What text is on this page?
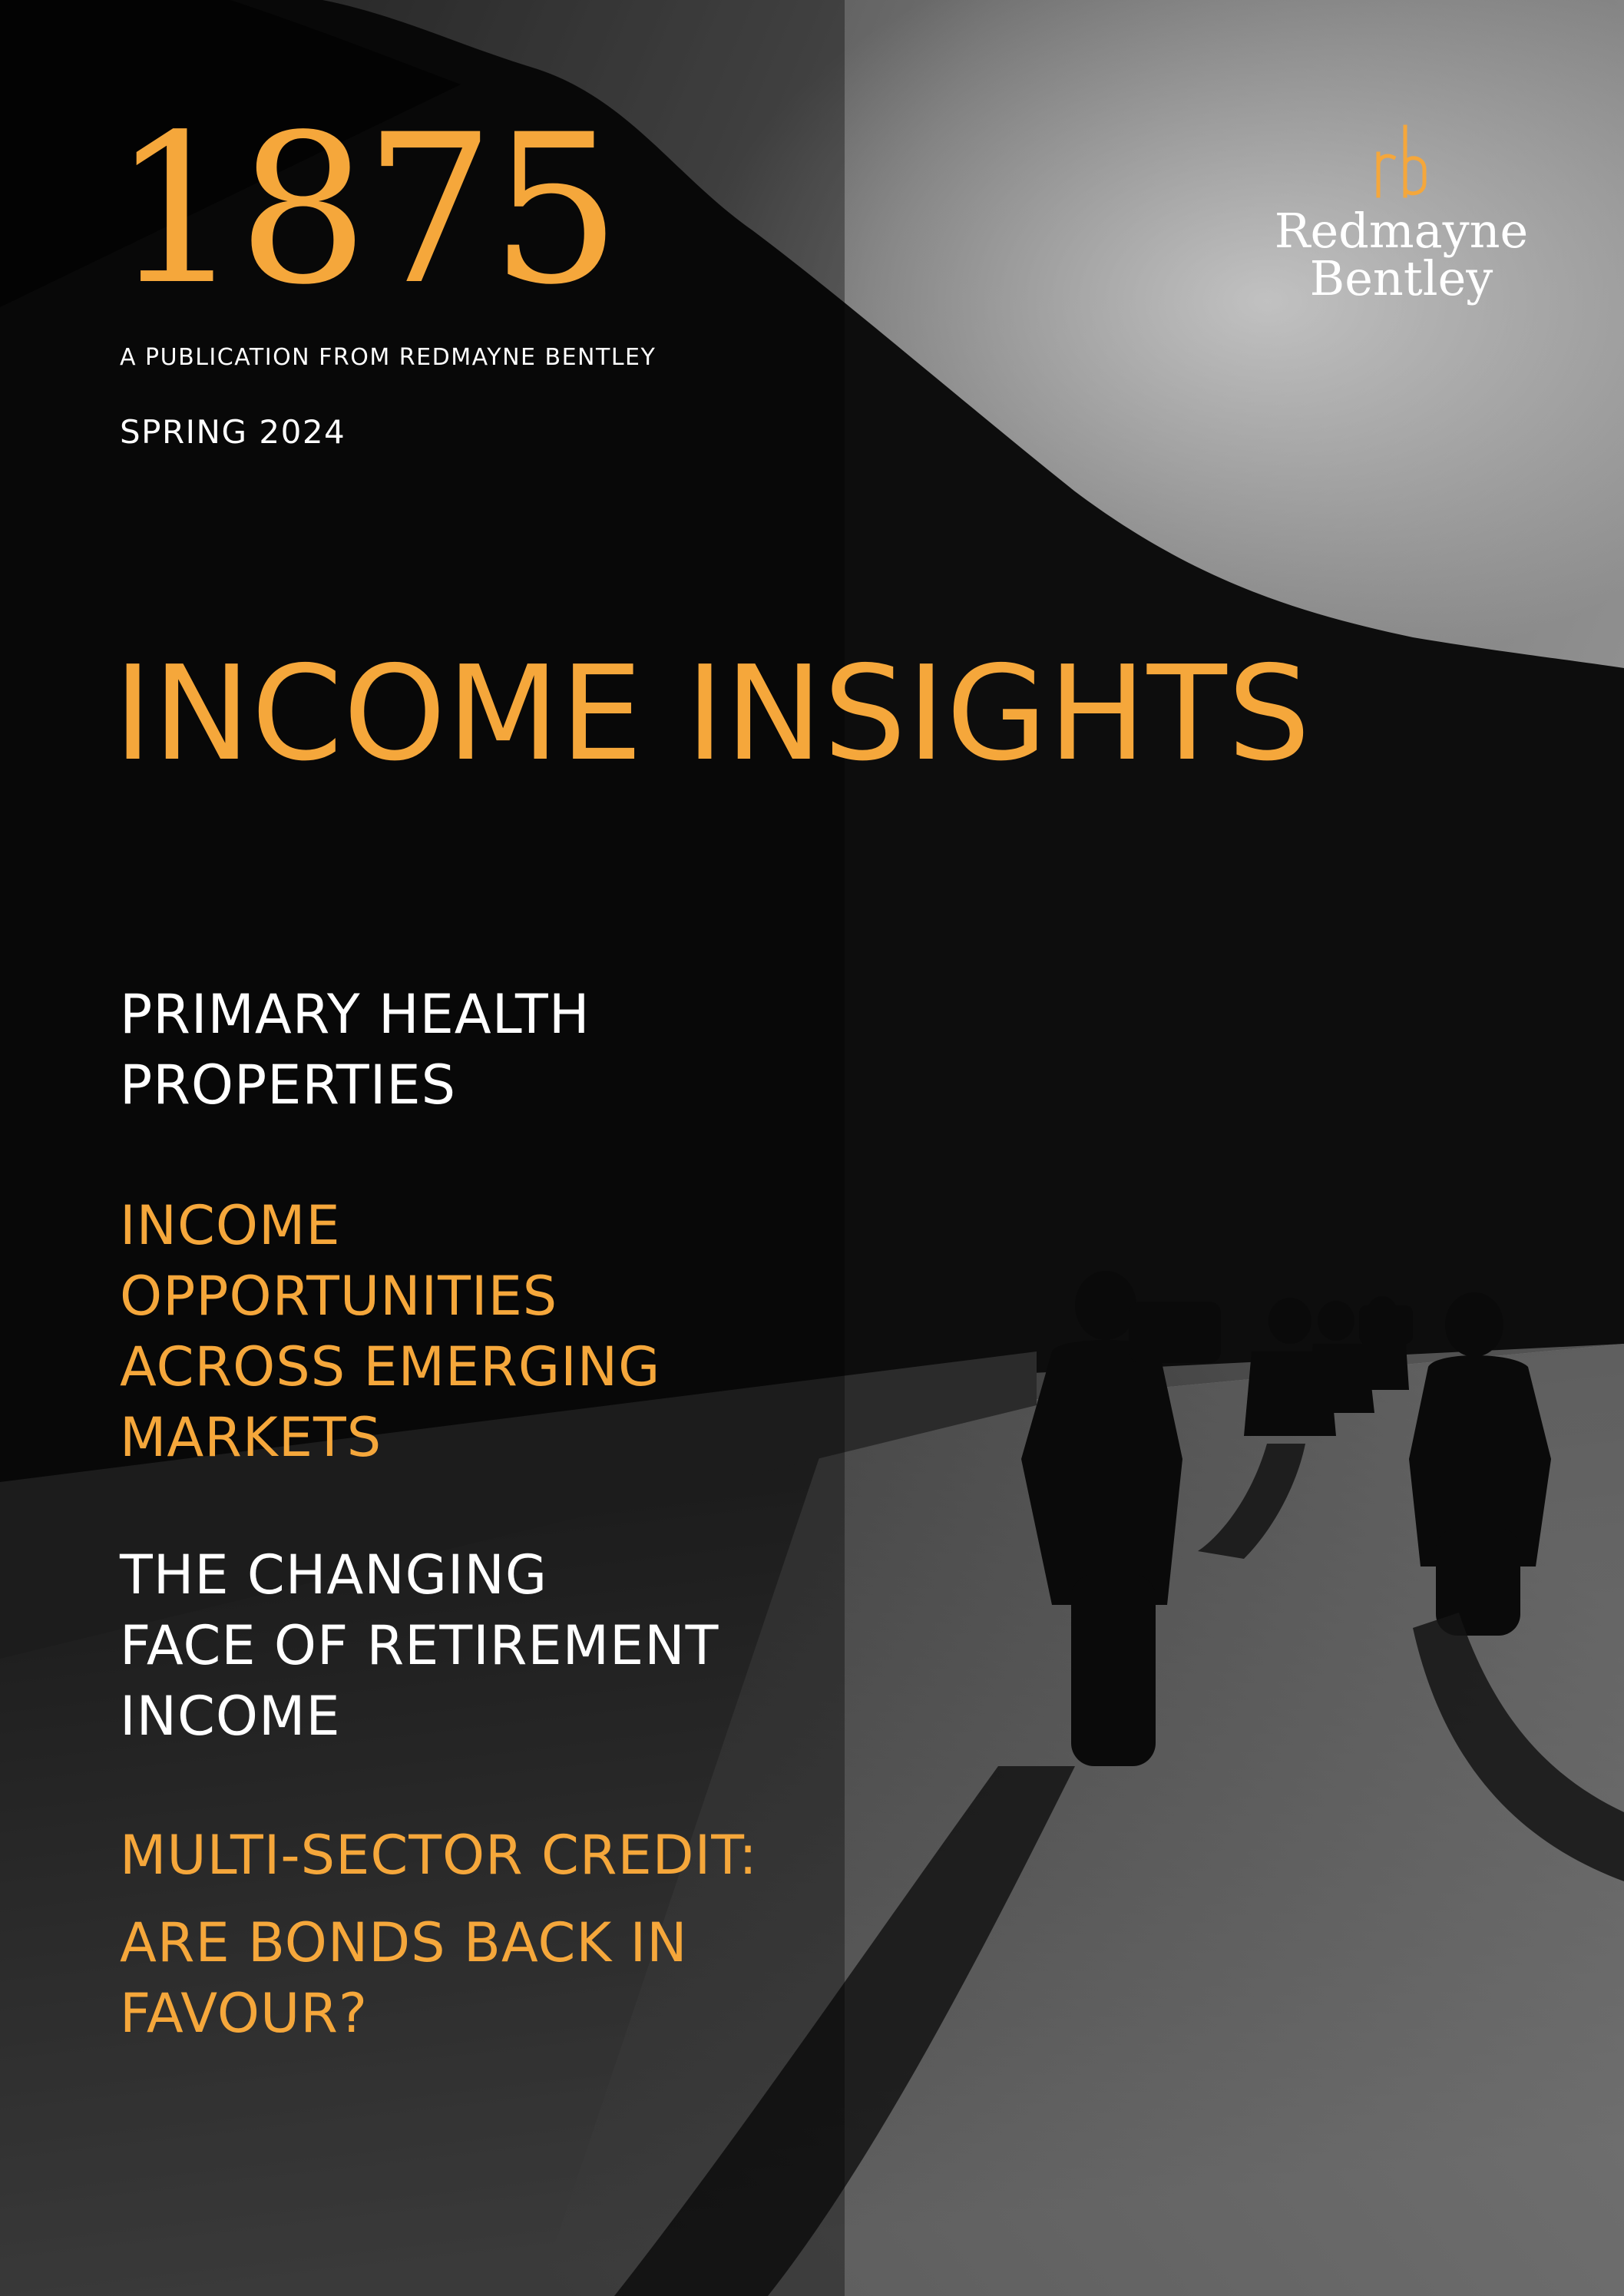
1875

A PUBLICATION FROM REDMAYNE BENTLEY

SPRING 2024

Redmayne
Bentley
INCOME INSIGHTS
PRIMARY HEALTH
PROPERTIES
INCOME
OPPORTUNITIES
ACROSS EMERGING
MARKETS
THE CHANGING
FACE OF RETIREMENT
INCOME
MULTI-SECTOR CREDIT:
ARE BONDS BACK IN
FAVOUR?
